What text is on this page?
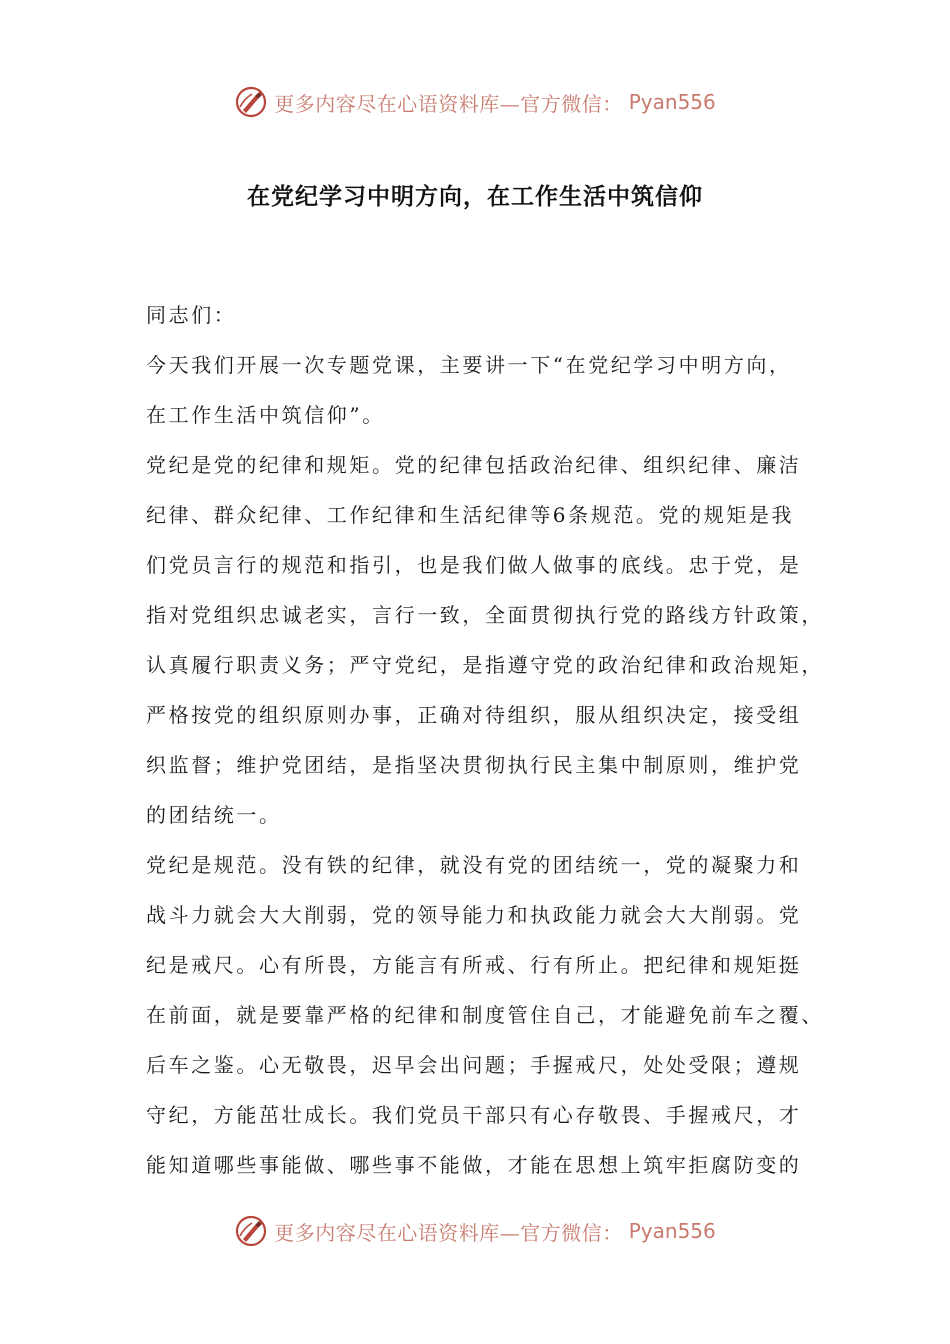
更多内容尽在心语资料库—官方微信： Pyan556
在党纪学习中明方向，在工作生活中筑信仰
同志们：
今天我们开展一次专题党课，主要讲一下“在党纪学习中明方向，
在工作生活中筑信仰”。
党纪是党的纪律和规矩。党的纪律包括政治纪律、组织纪律、廉洁
纪律、群众纪律、工作纪律和生活纪律等6条规范。党的规矩是我
们党员言行的规范和指引，也是我们做人做事的底线。忠于党，是
指对党组织忠诚老实，言行一致，全面贯彻执行党的路线方针政策，
认真履行职责义务；严守党纪，是指遵守党的政治纪律和政治规矩，
严格按党的组织原则办事，正确对待组织，服从组织决定，接受组
织监督；维护党团结，是指坚决贯彻执行民主集中制原则，维护党
的团结统一。
党纪是规范。没有铁的纪律，就没有党的团结统一，党的凝聚力和
战斗力就会大大削弱，党的领导能力和执政能力就会大大削弱。党
纪是戒尺。心有所畏，方能言有所戒、行有所止。把纪律和规矩挺
在前面，就是要靠严格的纪律和制度管住自己，才能避免前车之覆、
后车之鉴。心无敬畏，迟早会出问题；手握戒尺，处处受限；遵规
守纪，方能茁壮成长。我们党员干部只有心存敬畏、手握戒尺，才
能知道哪些事能做、哪些事不能做，才能在思想上筑牢拒腐防变的
更多内容尽在心语资料库—官方微信： Pyan556
